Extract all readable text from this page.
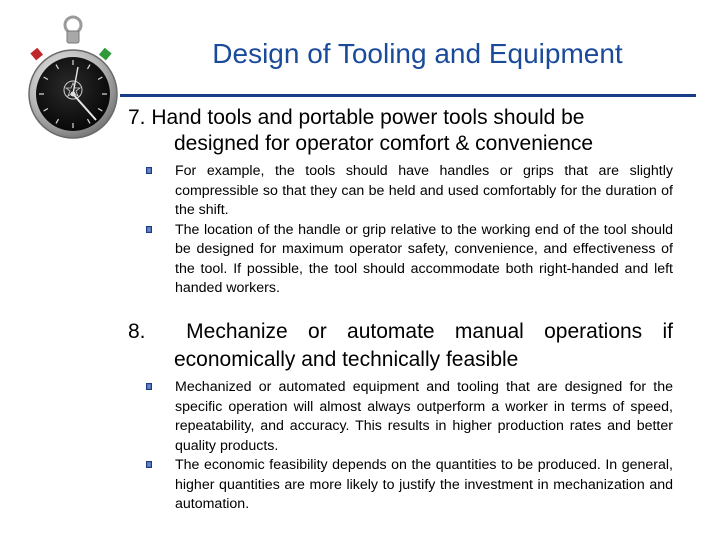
Design of Tooling and Equipment
7. Hand tools and portable power tools should be
designed for operator comfort & convenience
For example, the tools should have handles or grips that are slightly compressible so that they can be held and used comfortably for the duration of the shift.
The location of the handle or grip relative to the working end of the tool should be designed for maximum operator safety, convenience, and effectiveness of the tool. If possible, the tool should accommodate both right-handed and left handed workers.
8. Mechanize or automate manual operations if
economically and technically feasible
Mechanized or automated equipment and tooling that are designed for the specific operation will almost always outperform a worker in terms of speed, repeatability, and accuracy. This results in higher production rates and better quality products.
The economic feasibility depends on the quantities to be produced. In general, higher quantities are more likely to justify the investment in mechanization and automation.
